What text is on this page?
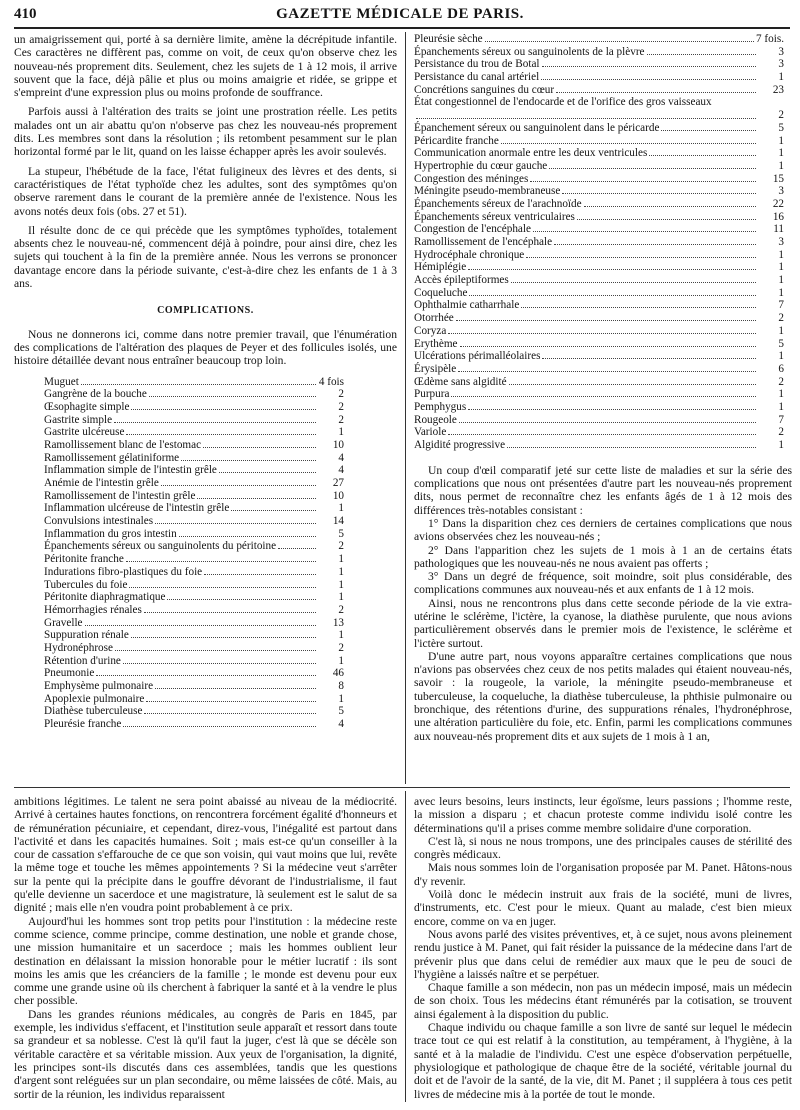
410	GAZETTE MÉDICALE DE PARIS.

un amaigrissement qui, porté à sa dernière limite, amène la décrépitude infantile. Ces caractères ne diffèrent pas, comme on voit, de ceux qu'on observe chez les nouveau-nés proprement dits. Seulement, chez les sujets de 1 à 12 mois, il arrive souvent que la face, déjà pâlie et plus ou moins amaigrie et ridée, se grippe et s'empreint d'une expression plus ou moins profonde de souffrance.

Parfois aussi à l'altération des traits se joint une prostration réelle. Les petits malades ont un air abattu qu'on n'observe pas chez les nouveau-nés proprement dits. Les membres sont dans la résolution ; ils retombent pesamment sur le plan horizontal formé par le lit, quand on les laisse échapper après les avoir soulevés.

La stupeur, l'hébétude de la face, l'état fuligineux des lèvres et des dents, si caractéristiques de l'état typhoïde chez les adultes, sont des symptômes qu'on observe rarement dans le courant de la première année de l'existence. Nous les avons notés deux fois (obs. 27 et 51).

Il résulte donc de ce qui précède que les symptômes typhoïdes, totalement absents chez le nouveau-né, commencent déjà à poindre, pour ainsi dire, chez les sujets qui touchent à la fin de la première année. Nous les verrons se prononcer davantage encore dans la période suivante, c'est-à-dire chez les enfants de 1 à 3 ans.

COMPLICATIONS.

Nous ne donnerons ici, comme dans notre premier travail, que l'énumération des complications de l'altération des plaques de Peyer et des follicules isolés, une histoire détaillée devant nous entraîner beaucoup trop loin.

Muguet	4 fois
Gangrène de la bouche	2
Œsophagite simple	2
Gastrite simple	2
Gastrite ulcéreuse	1
Ramollissement blanc de l'estomac	10
Ramollissement gélatiniforme	4
Inflammation simple de l'intestin grêle	4
Anémie de l'intestin grêle	27
Ramollissement de l'intestin grêle	10
Inflammation ulcéreuse de l'intestin grêle	1
Convulsions intestinales	14
Inflammation du gros intestin	5
Épanchements séreux ou sanguinolents du péritoine	2
Péritonite franche	1
Indurations fibro-plastiques du foie	1
Tubercules du foie	1
Péritonite diaphragmatique	1
Hémorrhagies rénales	2
Gravelle	13
Suppuration rénale	1
Hydronéphrose	2
Rétention d'urine	1
Pneumonie	46
Emphysème pulmonaire	8
Apoplexie pulmonaire	1
Diathèse tuberculeuse	5
Pleurésie franche	4
Pleurésie sèche	7 fois.
Épanchements séreux ou sanguinolents de la plèvre	3
Persistance du trou de Botal	3
Persistance du canal artériel	1
Concrétions sanguines du cœur	23
État congestionnel de l'endocarde et de l'orifice des gros vaisseaux
2
Épanchement séreux ou sanguinolent dans le péricarde	5
Péricardite franche	1
Communication anormale entre les deux ventricules	1
Hypertrophie du cœur gauche	1
Congestion des méninges	15
Méningite pseudo-membraneuse	3
Épanchements séreux de l'arachnoïde	22
Épanchements séreux ventriculaires	16
Congestion de l'encéphale	11
Ramollissement de l'encéphale	3
Hydrocéphale chronique	1
Hémiplégie	1
Accès épileptiformes	1
Coqueluche	1
Ophthalmie catharrhale	7
Otorrhée	2
Coryza	1
Erythème	5
Ulcérations périmalléolaires	1
Érysipèle	6
Œdème sans algidité	2
Purpura	1
Pemphygus	1
Rougeole	7
Variole	2
Algidité progressive	1

Un coup d'œil comparatif jeté sur cette liste de maladies et sur la série des complications que nous ont présentées d'autre part les nouveau-nés proprement dits, nous permet de reconnaître chez les enfants âgés de 1 à 12 mois des différences très-notables consistant :

1° Dans la disparition chez ces derniers de certaines complications que nous avions observées chez les nouveau-nés ;

2° Dans l'apparition chez les sujets de 1 mois à 1 an de certains états pathologiques que les nouveau-nés ne nous avaient pas offerts ;

3° Dans un degré de fréquence, soit moindre, soit plus considérable, des complications communes aux nouveau-nés et aux enfants de 1 à 12 mois.

Ainsi, nous ne rencontrons plus dans cette seconde période de la vie extra-utérine le sclérème, l'ictère, la cyanose, la diathèse purulente, que nous avions particulièrement observés dans le premier mois de l'existence, le sclérème et l'ictère surtout.

D'une autre part, nous voyons apparaître certaines complications que nous n'avions pas observées chez ceux de nos petits malades qui étaient nouveau-nés, savoir : la rougeole, la variole, la méningite pseudo-membraneuse et tuberculeuse, la coqueluche, la diathèse tuberculeuse, la phthisie pulmonaire ou bronchique, des rétentions d'urine, des suppurations rénales, l'hydronéphrose, une altération particulière du foie, etc. Enfin, parmi les complications communes aux nouveau-nés proprement dits et aux sujets de 1 mois à 1 an,

ambitions légitimes. Le talent ne sera point abaissé au niveau de la médiocrité. Arrivé à certaines hautes fonctions, on rencontrera forcément égalité d'honneurs et de rémunération pécuniaire, et cependant, direz-vous, l'inégalité est partout dans l'activité et dans les capacités humaines. Soit ; mais est-ce qu'un conseiller à la cour de cassation s'effarouche de ce que son voisin, qui vaut moins que lui, revête la même toge et touche les mêmes appointements ? Si la médecine veut s'arrêter sur la pente qui la précipite dans le gouffre dévorant de l'industrialisme, il faut qu'elle devienne un sacerdoce et une magistrature, là seulement est le salut de sa dignité ; mais elle n'en voudra point probablement à ce prix.

Aujourd'hui les hommes sont trop petits pour l'institution : la médecine reste comme science, comme principe, comme destination, une noble et grande chose, une mission humanitaire et un sacerdoce ; mais les hommes oublient leur destination en délaissant la mission honorable pour le métier lucratif : ils sont moins les amis que les créanciers de la famille ; le monde est devenu pour eux comme une grande usine où ils cherchent à fabriquer la santé et à la vendre le plus cher possible.

Dans les grandes réunions médicales, au congrès de Paris en 1845, par exemple, les individus s'effacent, et l'institution seule apparaît et ressort dans toute sa grandeur et sa noblesse. C'est là qu'il faut la juger, c'est là que se décèle son véritable caractère et sa véritable mission. Aux yeux de l'organisation, la dignité, les principes sont-ils discutés dans ces assemblées, tandis que les questions d'argent sont reléguées sur un plan secondaire, ou même laissées de côté. Mais, au sortir de la réunion, les individus reparaissent

avec leurs besoins, leurs instincts, leur égoïsme, leurs passions ; l'homme reste, la mission a disparu ; et chacun proteste comme individu isolé contre les déterminations qu'il a prises comme membre solidaire d'une corporation.

C'est là, si nous ne nous trompons, une des principales causes de stérilité des congrès médicaux.

Mais nous sommes loin de l'organisation proposée par M. Panet. Hâtons-nous d'y revenir.

Voilà donc le médecin instruit aux frais de la société, muni de livres, d'instruments, etc. C'est pour le mieux. Quant au malade, c'est bien mieux encore, comme on va en juger.

Nous avons parlé des visites préventives, et, à ce sujet, nous avons pleinement rendu justice à M. Panet, qui fait résider la puissance de la médecine dans l'art de prévenir plus que dans celui de remédier aux maux que le peu de souci de l'hygiène a laissés naître et se perpétuer.

Chaque famille a son médecin, non pas un médecin imposé, mais un médecin de son choix. Tous les médecins étant rémunérés par la cotisation, se trouvent ainsi également à la disposition du public.

Chaque individu ou chaque famille a son livre de santé sur lequel le médecin trace tout ce qui est relatif à la constitution, au tempérament, à l'hygiène, à la santé et à la maladie de l'individu. C'est une espèce d'observation perpétuelle, physiologique et pathologique de chaque être de la société, véritable journal du doit et de l'avoir de la santé, de la vie, dit M. Panet ; il suppléera à tous ces petit livres de médecine mis à la portée de tout le monde.
